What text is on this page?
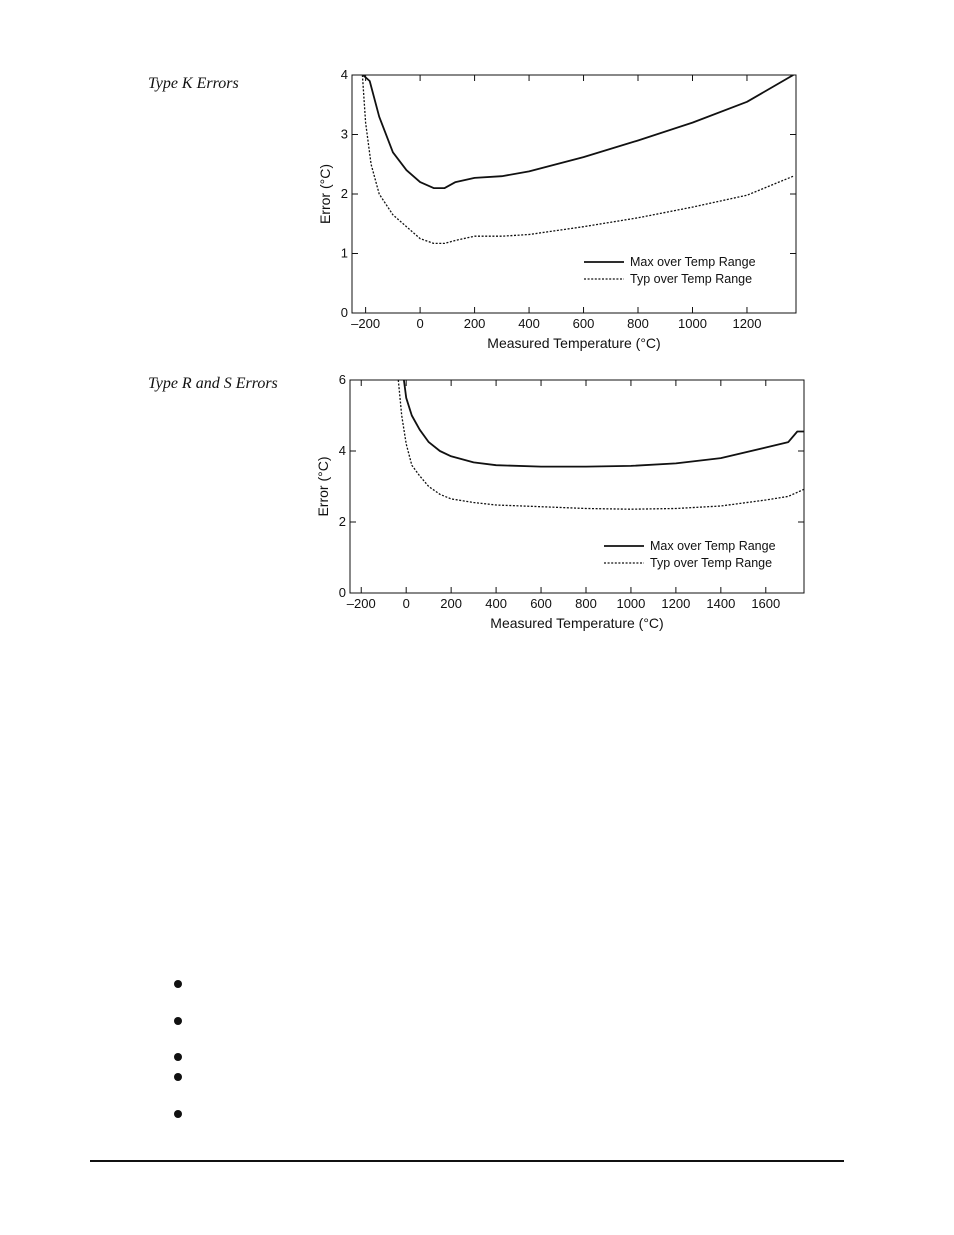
Type K Errors
Type R and S Errors
–200	0	200	400	600	800 1000 1200
0
1
2
3
4
Measured Temperature (°C)
Error (°C)
Max over Temp Range
Typ over Temp Range
–200 0 200 400 600 800 1000 1200 1400 1600
0
2
4
6
Measured Temperature (°C)
Error (°C)
Max over Temp Range
Typ over Temp Range
